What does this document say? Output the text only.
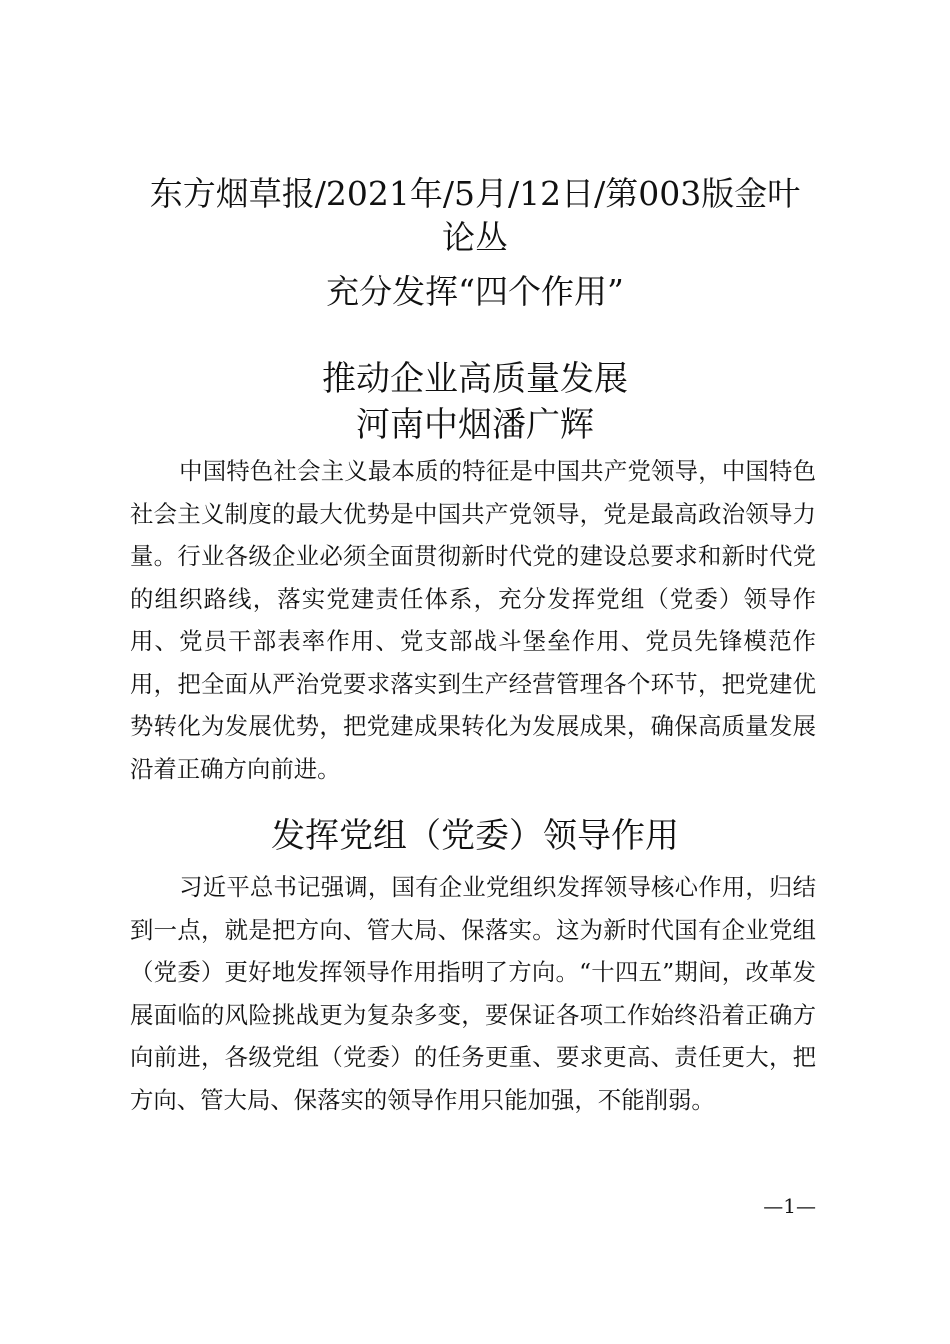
东方烟草报/2021年/5月/12日/第003版金叶
论丛
充分发挥“四个作用”
推动企业高质量发展
河南中烟潘广辉

中国特色社会主义最本质的特征是中国共产党领导，中国特色社会主义制度的最大优势是中国共产党领导，党是最高政治领导力量。行业各级企业必须全面贯彻新时代党的建设总要求和新时代党的组织路线，落实党建责任体系，充分发挥党组（党委）领导作用、党员干部表率作用、党支部战斗堡垒作用、党员先锋模范作用，把全面从严治党要求落实到生产经营管理各个环节，把党建优势转化为发展优势，把党建成果转化为发展成果，确保高质量发展沿着正确方向前进。

发挥党组（党委）领导作用

习近平总书记强调，国有企业党组织发挥领导核心作用，归结到一点，就是把方向、管大局、保落实。这为新时代国有企业党组（党委）更好地发挥领导作用指明了方向。“十四五”期间，改革发展面临的风险挑战更为复杂多变，要保证各项工作始终沿着正确方向前进，各级党组（党委）的任务更重、要求更高、责任更大，把方向、管大局、保落实的领导作用只能加强，不能削弱。

—1—
